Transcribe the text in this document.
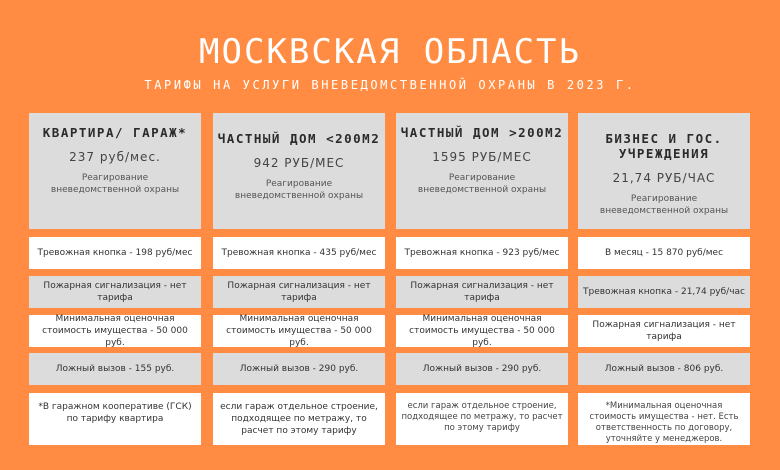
МОСКВСКАЯ ОБЛАСТЬ
ТАРИФЫ НА УСЛУГИ ВНЕВЕДОМСТВЕННОЙ ОХРАНЫ В 2023 Г.
КВАРТИРА/ ГАРАЖ*
237 руб/мес.
Реагирование вневедомственной охраны
Тревожная кнопка - 198 руб/мес
Пожарная сигнализация - нет тарифа
Минимальная оценочная стоимость имущества - 50 000 руб.
Ложный вызов - 155 руб.
*В гаражном кооперативе (ГСК) по тарифу квартира
ЧАСТНЫЙ ДОМ <200М2
942 РУБ/МЕС
Реагирование вневедомственной охраны
Тревожная кнопка - 435 руб/мес
Пожарная сигнализация - нет тарифа
Минимальная оценочная стоимость имущества - 50 000 руб.
Ложный вызов - 290 руб.
если гараж отдельное строение, подходящее по метражу, то расчет по этому тарифу
ЧАСТНЫЙ ДОМ >200М2
1595 РУБ/МЕС
Реагирование вневедомственной охраны
Тревожная кнопка - 923 руб/мес
Пожарная сигнализация - нет тарифа
Минимальная оценочная стоимость имущества - 50 000 руб.
Ложный вызов - 290 руб.
если гараж отдельное строение, подходящее по метражу, то расчет по этому тарифу
БИЗНЕС И ГОС. УЧРЕЖДЕНИЯ
21,74 РУБ/ЧАС
Реагирование вневедомственной охраны
В месяц - 15 870 руб/мес
Тревожная кнопка - 21,74 руб/час
Пожарная сигнализация - нет тарифа
Ложный вызов - 806 руб.
*Минимальная оценочная стоимость имущества - нет. Есть ответственность по договору, уточняйте у менеджеров.
